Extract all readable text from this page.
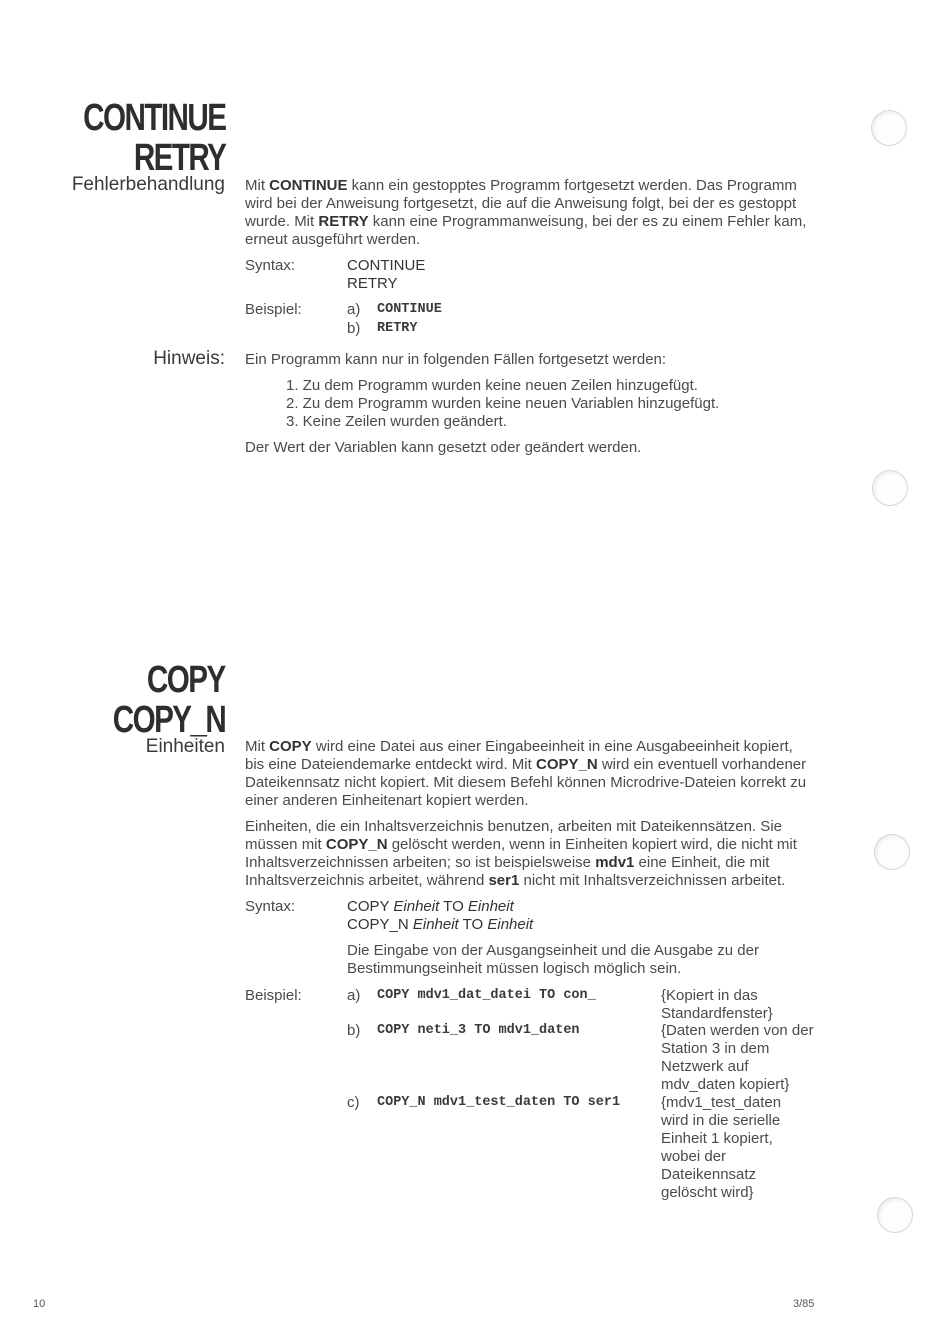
CONTINUE
RETRY
Fehlerbehandlung Mit CONTINUE kann ein gestopptes Programm fortgesetzt werden. Das Programm wird bei der Anweisung fortgesetzt, die auf die Anweisung folgt, bei der es gestoppt wurde. Mit RETRY kann eine Programmanweisung, bei der es zu einem Fehler kam, erneut ausgeführt werden.
Syntax:	CONTINUE
RETRY
Beispiel:	a) CONTINUE
b) RETRY
Hinweis: Ein Programm kann nur in folgenden Fällen fortgesetzt werden:
1. Zu dem Programm wurden keine neuen Zeilen hinzugefügt.
2. Zu dem Programm wurden keine neuen Variablen hinzugefügt.
3. Keine Zeilen wurden geändert.
Der Wert der Variablen kann gesetzt oder geändert werden.
COPY
COPY_N
Einheiten Mit COPY wird eine Datei aus einer Eingabeeinheit in eine Ausgabeeinheit kopiert, bis eine Dateiendemarke entdeckt wird. Mit COPY_N wird ein eventuell vorhandener Dateikennsatz nicht kopiert. Mit diesem Befehl können Microdrive-Dateien korrekt zu einer anderen Einheitenart kopiert werden.
Einheiten, die ein Inhaltsverzeichnis benutzen, arbeiten mit Dateikennsätzen. Sie müssen mit COPY_N gelöscht werden, wenn in Einheiten kopiert wird, die nicht mit Inhaltsverzeichnissen arbeiten; so ist beispielsweise mdv1 eine Einheit, die mit Inhaltsverzeichnis arbeitet, während ser1 nicht mit Inhaltsverzeichnissen arbeitet.
Syntax:	COPY Einheit TO Einheit
COPY_N Einheit TO Einheit
Die Eingabe von der Ausgangseinheit und die Ausgabe zu der Bestimmungseinheit müssen logisch möglich sein.
Beispiel:	a) COPY mdv1_dat_datei TO con_	{Kopiert in das Standardfenster}
b) COPY neti_3 TO mdv1_daten	{Daten werden von der Station 3 in dem Netzwerk auf mdv_daten kopiert}
c) COPY_N mdv1_test_daten TO ser1	{mdv1_test_daten wird in die serielle Einheit 1 kopiert, wobei der Dateikennsatz gelöscht wird}
10	3/85
